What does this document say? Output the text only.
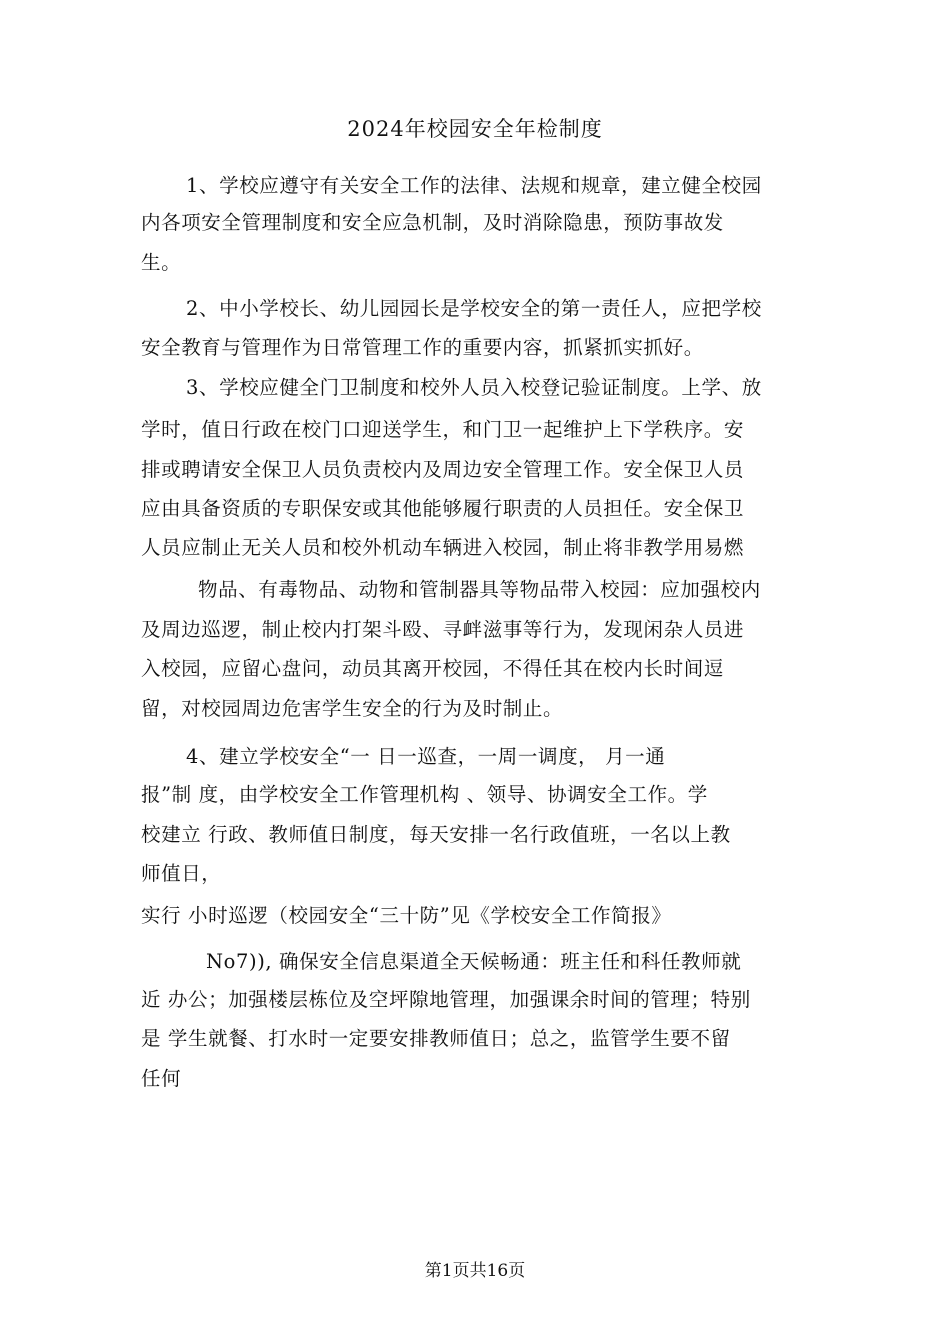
2024年校园安全年检制度
1、学校应遵守有关安全工作的法律、法规和规章，建立健全校园
内各项安全管理制度和安全应急机制，及时消除隐患，预防事故发
生。
2、中小学校长、幼儿园园长是学校安全的第一责任人，应把学校
安全教育与管理作为日常管理工作的重要内容，抓紧抓实抓好。
3、学校应健全门卫制度和校外人员入校登记验证制度。上学、放
学时，值日行政在校门口迎送学生，和门卫一起维护上下学秩序。安
排或聘请安全保卫人员负责校内及周边安全管理工作。安全保卫人员
应由具备资质的专职保安或其他能够履行职责的人员担任。安全保卫
人员应制止无关人员和校外机动车辆进入校园，制止将非教学用易燃
物品、有毒物品、动物和管制器具等物品带入校园：应加强校内
及周边巡逻，制止校内打架斗殴、寻衅滋事等行为，发现闲杂人员进
入校园，应留心盘问，动员其离开校园，不得任其在校内长时间逗
留，对校园周边危害学生安全的行为及时制止。
4、建立学校安全“一 日一巡查，一周一调度， 月一通
报”制 度，由学校安全工作管理机构 、领导、协调安全工作。学
校建立 行政、教师值日制度，每天安排一名行政值班，一名以上教
师值日，
实行 小时巡逻（校园安全“三十防”见《学校安全工作简报》
No7)), 确保安全信息渠道全天候畅通：班主任和科任教师就
近 办公；加强楼层栋位及空坪隙地管理，加强课余时间的管理；特别
是 学生就餐、打水时一定要安排教师值日；总之，监管学生要不留
任何
第1页共16页
